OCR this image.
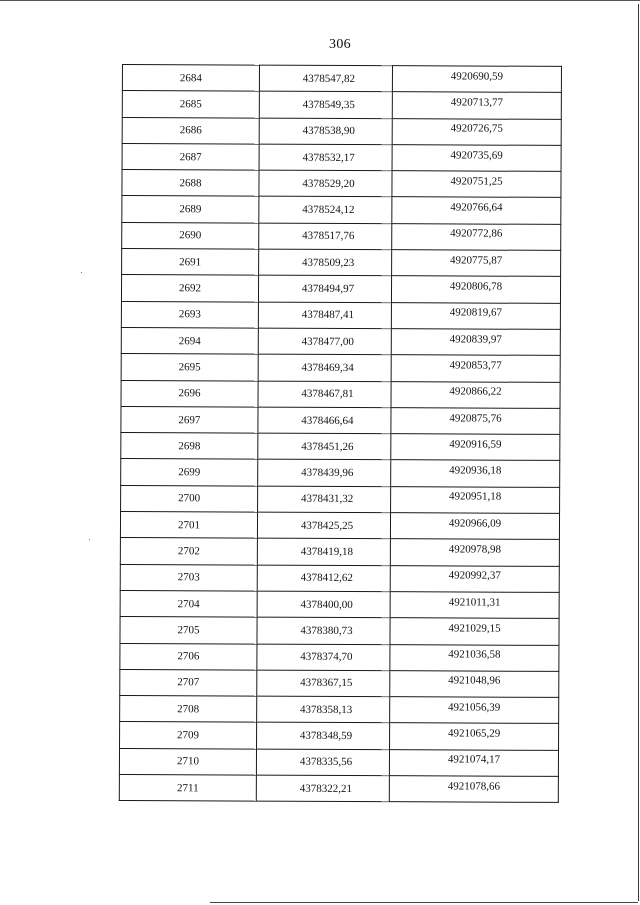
306
2684	4378547,82	4920690,59
2685	4378549,35	4920713,77
2686	4378538,90	4920726,75
2687	4378532,17	4920735,69
2688	4378529,20	4920751,25
2689	4378524,12	4920766,64
2690	4378517,76	4920772,86
2691	4378509,23	4920775,87
2692	4378494,97	4920806,78
2693	4378487,41	4920819,67
2694	4378477,00	4920839,97
2695	4378469,34	4920853,77
2696	4378467,81	4920866,22
2697	4378466,64	4920875,76
2698	4378451,26	4920916,59
2699	4378439,96	4920936,18
2700	4378431,32	4920951,18
2701	4378425,25	4920966,09
2702	4378419,18	4920978,98
2703	4378412,62	4920992,37
2704	4378400,00	4921011,31
2705	4378380,73	4921029,15
2706	4378374,70	4921036,58
2707	4378367,15	4921048,96
2708	4378358,13	4921056,39
2709	4378348,59	4921065,29
2710	4378335,56	4921074,17
2711	4378322,21	4921078,66
